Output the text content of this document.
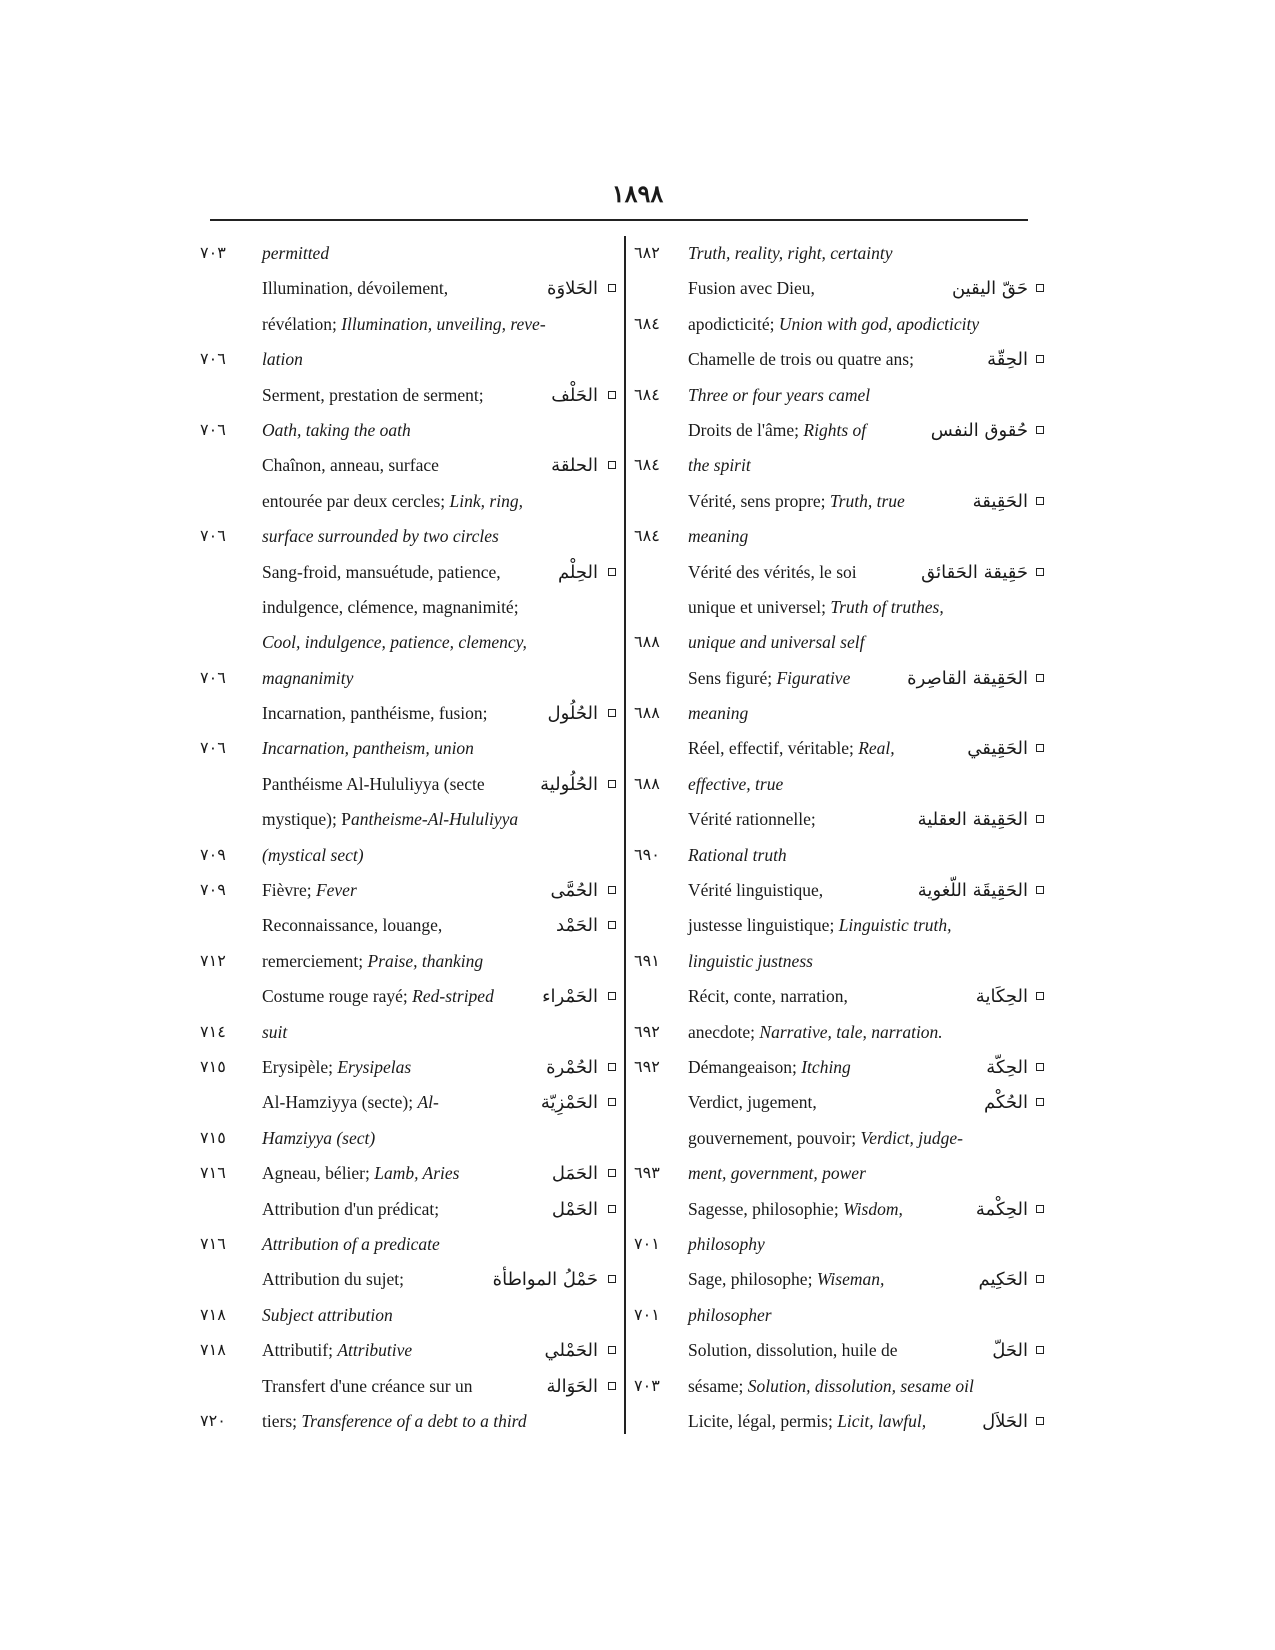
١٨٩٨
٧٠٣	permitted
Illumination, dévoilement,	الحَلاوَة
révélation; Illumination, unveiling, reve-
٧٠٦	lation
Serment, prestation de serment;	الحَلْف
٧٠٦	Oath, taking the oath
Chaînon, anneau, surface	الحلقة
entourée par deux cercles; Link, ring,
٧٠٦	surface surrounded by two circles
Sang-froid, mansuétude, patience,	الحِلْم
indulgence, clémence, magnanimité;
Cool, indulgence, patience, clemency,
٧٠٦	magnanimity
Incarnation, panthéisme, fusion;	الحُلُول
٧٠٦	Incarnation, pantheism, union
Panthéisme Al-Hululiyya (secte	الحُلُولية
mystique); Pantheisme-Al-Hululiyya
٧٠٩	(mystical sect)
٧٠٩	Fièvre; Fever	الحُمَّى
Reconnaissance, louange,	الحَمْد
٧١٢	remerciement; Praise, thanking
Costume rouge rayé; Red-striped	الحَمْراء
٧١٤	suit
٧١٥	Erysipèle; Erysipelas	الحُمْرة
Al-Hamziyya (secte); Al-	الحَمْزِيّة
٧١٥	Hamziyya (sect)
٧١٦	Agneau, bélier; Lamb, Aries	الحَمَل
Attribution d'un prédicat;	الحَمْل
٧١٦	Attribution of a predicate
Attribution du sujet;	حَمْلُ المواطأة
٧١٨	Subject attribution
٧١٨	Attributif; Attributive	الحَمْلي
Transfert d'une créance sur un	الحَوَالة
٧٢٠	tiers; Transference of a debt to a third
٦٨٢	Truth, reality, right, certainty
Fusion avec Dieu,	حَقّ اليقين
٦٨٤	apodicticité; Union with god, apodicticity
Chamelle de trois ou quatre ans;	الحِقّة
٦٨٤	Three or four years camel
Droits de l'âme; Rights of	حُقوق النفس
٦٨٤	the spirit
Vérité, sens propre; Truth, true	الحَقِيقة
٦٨٤	meaning
Vérité des vérités, le soi	حَقِيقة الحَقائق
unique et universel; Truth of truthes,
٦٨٨	unique and universal self
Sens figuré; Figurative	الحَقِيقة القاصِرة
٦٨٨	meaning
Réel, effectif, véritable; Real,	الحَقِيقي
٦٨٨	effective, true
Vérité rationnelle;	الحَقِيقة العقلية
٦٩٠	Rational truth
Vérité linguistique,	الحَقِيقَة اللّغوية
justesse linguistique; Linguistic truth,
٦٩١	linguistic justness
Récit, conte, narration,	الحِكَاية
٦٩٢	anecdote; Narrative, tale, narration.
٦٩٢	Démangeaison; Itching	الحِكّة
Verdict, jugement,	الحُكْم
gouvernement, pouvoir; Verdict, judge-
٦٩٣	ment, government, power
Sagesse, philosophie; Wisdom,	الحِكْمة
٧٠١	philosophy
Sage, philosophe; Wiseman,	الحَكِيم
٧٠١	philosopher
Solution, dissolution, huile de	الحَلّ
٧٠٣	sésame; Solution, dissolution, sesame oil
Licite, légal, permis; Licit, lawful,	الحَلاَل
